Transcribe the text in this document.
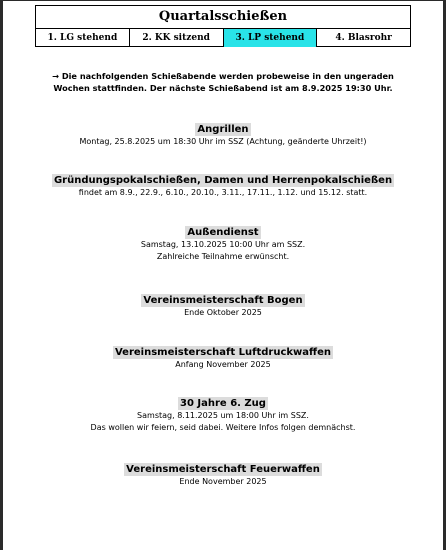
Quartalsschießen
1. LG stehend	2. KK sitzend	3. LP stehend	4. Blasrohr
→ Die nachfolgenden Schießabende werden probeweise in den ungeraden
Wochen stattfinden. Der nächste Schießabend ist am 8.9.2025 19:30 Uhr.
Angrillen
Montag, 25.8.2025 um 18:30 Uhr im SSZ (Achtung, geänderte Uhrzeit!)
Gründungspokalschießen, Damen und Herrenpokalschießen
findet am 8.9., 22.9., 6.10., 20.10., 3.11., 17.11., 1.12. und 15.12. statt.
Außendienst
Samstag, 13.10.2025 10:00 Uhr am SSZ.
Zahlreiche Teilnahme erwünscht.
Vereinsmeisterschaft Bogen
Ende Oktober 2025
Vereinsmeisterschaft Luftdruckwaffen
Anfang November 2025
30 Jahre 6. Zug
Samstag, 8.11.2025 um 18:00 Uhr im SSZ.
Das wollen wir feiern, seid dabei. Weitere Infos folgen demnächst.
Vereinsmeisterschaft Feuerwaffen
Ende November 2025
